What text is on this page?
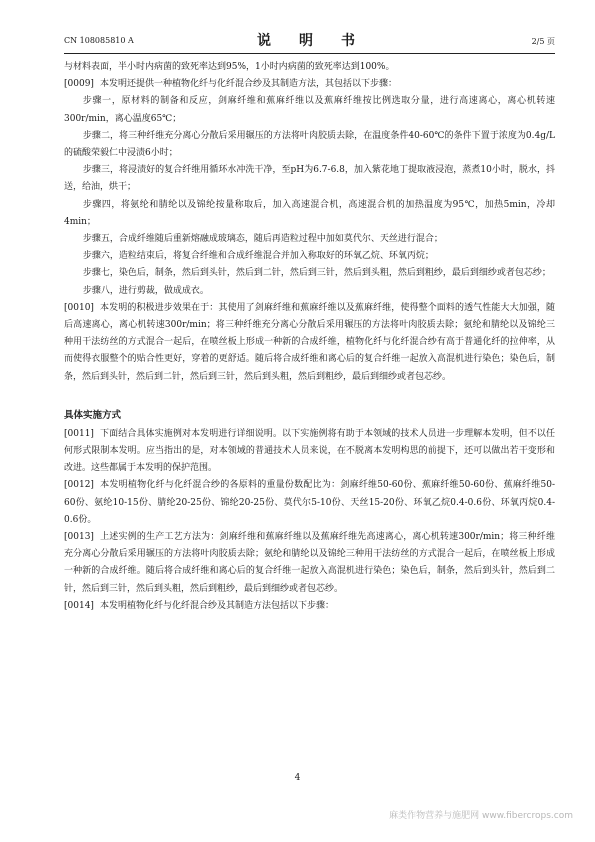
CN 108085810 A	说　明　书	2/5 页

与材料表面，半小时内病菌的致死率达到95%，1小时内病菌的致死率达到100%。

[0009] 本发明还提供一种植物化纤与化纤混合纱及其制造方法，其包括以下步骤：

步骤一，原材料的制备和反应，剑麻纤维和蕉麻纤维以及蕉麻纤维按比例选取分量，进行高速离心，离心机转速300r/min，离心温度65℃；

步骤二，将三种纤维充分离心分散后采用辗压的方法将叶肉胶质去除，在温度条件40-60℃的条件下置于浓度为0.4g/L的硫酸荣毅仁中浸渍6小时；

步骤三，将浸渍好的复合纤维用循环水冲洗干净，至pH为6.7-6.8，加入紫花地丁提取液浸泡，蒸煮10小时，脱水，抖送，给油，烘干；

步骤四，将氨纶和腈纶以及锦纶按量称取后，加入高速混合机，高速混合机的加热温度为95℃，加热5min，冷却4min；

步骤五，合成纤维随后重新熔融成玻璃态，随后再造粒过程中加如莫代尔、天丝进行混合；

步骤六，造粒结束后，将复合纤维和合成纤维混合并加入称取好的环氧乙烷、环氧丙烷；

步骤七，染色后，制条，然后到头针，然后到二针，然后到三针，然后到头粗，然后到粗纱，最后到细纱或者包芯纱；

步骤八，进行剪裁，做成成衣。

[0010] 本发明的积极进步效果在于：其使用了剑麻纤维和蕉麻纤维以及蕉麻纤维，使得整个面料的透气性能大大加强，随后高速离心，离心机转速300r/min；将三种纤维充分离心分散后采用辗压的方法将叶肉胶质去除；氨纶和腈纶以及锦纶三种用干法纺丝的方式混合一起后，在喷丝板上形成一种新的合成纤维，植物化纤与化纤混合纱有高于普通化纤的拉伸率，从而使得衣服整个的贴合性更好，穿着的更舒适。随后将合成纤维和离心后的复合纤维一起放入高混机进行染色；染色后，制条，然后到头针，然后到二针，然后到三针，然后到头粗，然后到粗纱，最后到细纱或者包芯纱。

具体实施方式

[0011] 下面结合具体实施例对本发明进行详细说明。以下实施例将有助于本领域的技术人员进一步理解本发明，但不以任何形式限制本发明。应当指出的是，对本领域的普通技术人员来说，在不脱离本发明构思的前提下，还可以做出若干变形和改进。这些都属于本发明的保护范围。

[0012] 本发明植物化纤与化纤混合纱的各原料的重量份数配比为：剑麻纤维50-60份、蕉麻纤维50-60份、蕉麻纤维50-60份、氨纶10-15份、腈纶20-25份、锦纶20-25份、莫代尔5-10份、天丝15-20份、环氧乙烷0.4-0.6份、环氧丙烷0.4-0.6份。

[0013] 上述实例的生产工艺方法为：剑麻纤维和蕉麻纤维以及蕉麻纤维先高速离心，离心机转速300r/min；将三种纤维充分离心分散后采用辗压的方法将叶肉胶质去除；氨纶和腈纶以及锦纶三种用干法纺丝的方式混合一起后，在喷丝板上形成一种新的合成纤维。随后将合成纤维和离心后的复合纤维一起放入高混机进行染色；染色后，制条，然后到头针，然后到二针，然后到三针，然后到头粗，然后到粗纱，最后到细纱或者包芯纱。

[0014] 本发明植物化纤与化纤混合纱及其制造方法包括以下步骤：

4
麻类作物营养与施肥网 www.fibercrops.com
